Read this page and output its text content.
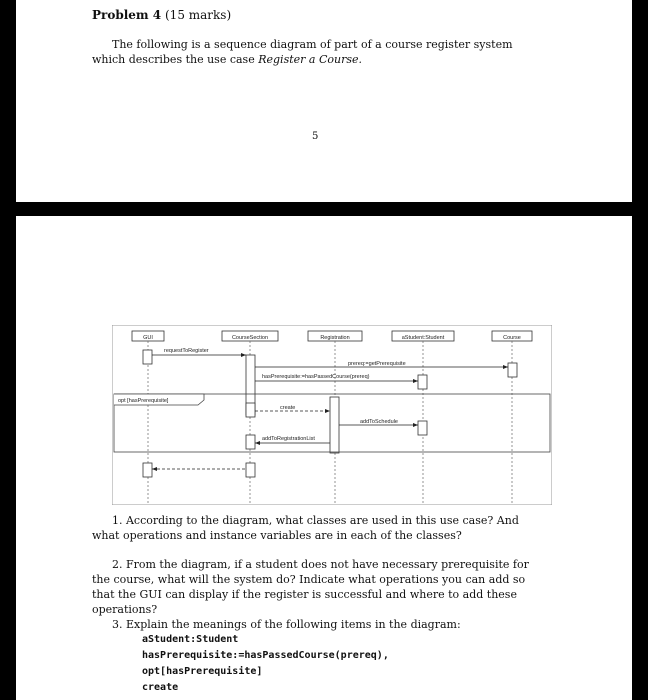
Problem 4 (15 marks)
The following is a sequence diagram of part of a course register system which describes the use case Register a Course.
5
GUI	CourseSection	Registration	aStudent:Student	Course
opt [hasPrerequisite]
requestToRegister
prereq:=getPrerequisite
hasPrerequisite:=hasPassedCourse(prereq)
create
addToSchedule
addToRegistrationList
1. According to the diagram, what classes are used in this use case? And what operations and instance variables are in each of the classes?
2. From the diagram, if a student does not have necessary prerequisite for the course, what will the system do? Indicate what operations you can add so that the GUI can display if the register is successful and where to add these operations?
3. Explain the meanings of the following items in the diagram:
aStudent:Student
hasPrerequisite:=hasPassedCourse(prereq),
opt[hasPrerequisite]
create
